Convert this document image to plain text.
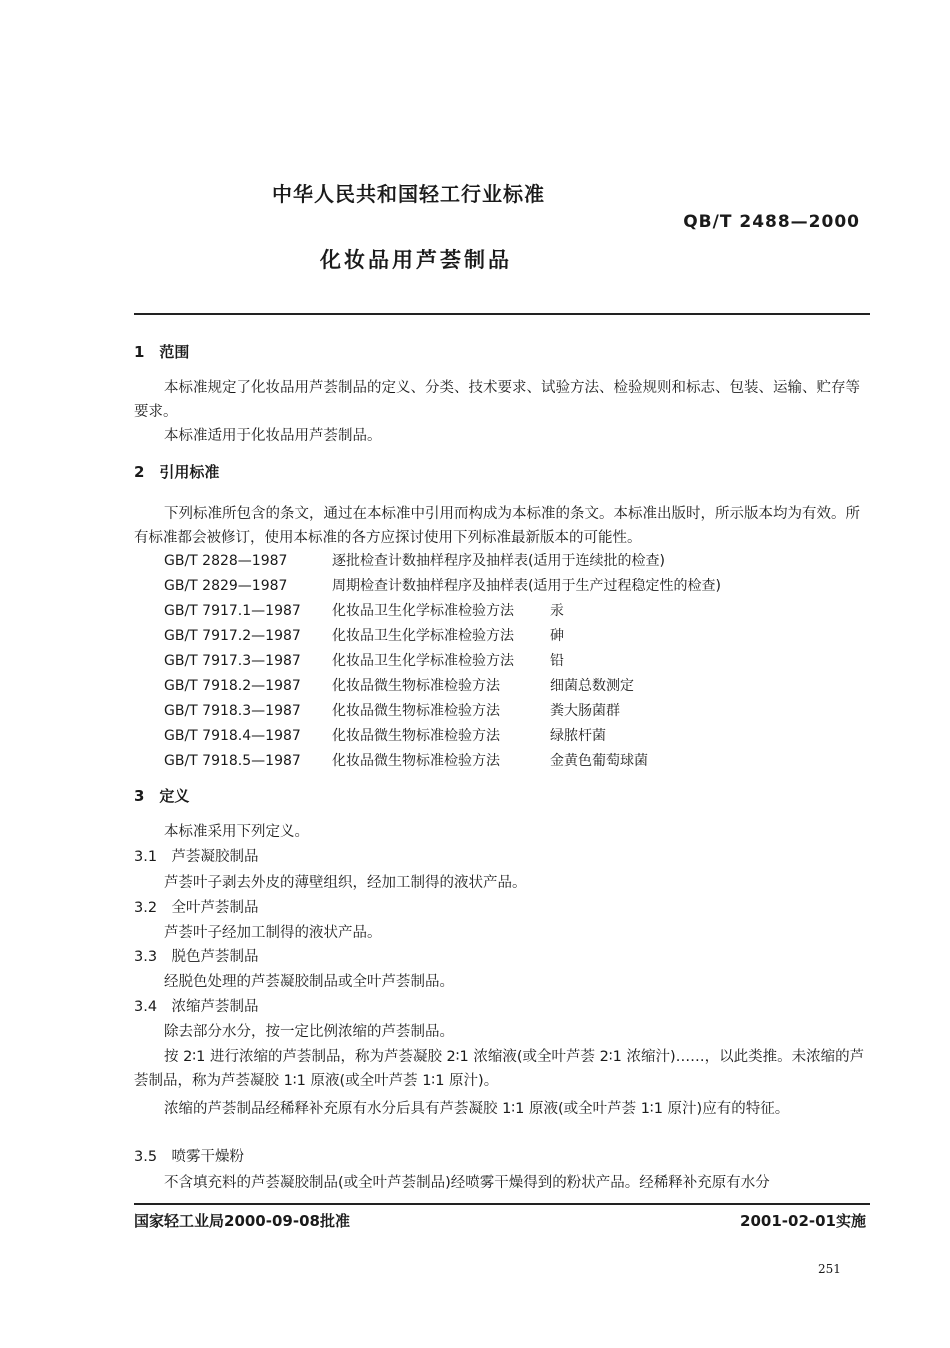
中华人民共和国轻工行业标准
QB/T 2488—2000
化妆品用芦荟制品
1　范围
本标准规定了化妆品用芦荟制品的定义、分类、技术要求、试验方法、检验规则和标志、包装、运输、贮存等要求。
本标准适用于化妆品用芦荟制品。
2　引用标准
下列标准所包含的条文，通过在本标准中引用而构成为本标准的条文。本标准出版时，所示版本均为有效。所有标准都会被修订，使用本标准的各方应探讨使用下列标准最新版本的可能性。
GB/T 2828—1987	逐批检查计数抽样程序及抽样表(适用于连续批的检查)
GB/T 2829—1987	周期检查计数抽样程序及抽样表(适用于生产过程稳定性的检查)
GB/T 7917.1—1987 化妆品卫生化学标准检验方法	汞
GB/T 7917.2—1987 化妆品卫生化学标准检验方法	砷
GB/T 7917.3—1987 化妆品卫生化学标准检验方法	铅
GB/T 7918.2—1987 化妆品微生物标准检验方法	细菌总数测定
GB/T 7918.3—1987 化妆品微生物标准检验方法	粪大肠菌群
GB/T 7918.4—1987 化妆品微生物标准检验方法	绿脓杆菌
GB/T 7918.5—1987 化妆品微生物标准检验方法	金黄色葡萄球菌
3　定义
本标准采用下列定义。
3.1　芦荟凝胶制品
芦荟叶子剥去外皮的薄壁组织，经加工制得的液状产品。
3.2　全叶芦荟制品
芦荟叶子经加工制得的液状产品。
3.3　脱色芦荟制品
经脱色处理的芦荟凝胶制品或全叶芦荟制品。
3.4　浓缩芦荟制品
除去部分水分，按一定比例浓缩的芦荟制品。
按 2∶1 进行浓缩的芦荟制品，称为芦荟凝胶 2∶1 浓缩液(或全叶芦荟 2∶1 浓缩汁)……，以此类推。未浓缩的芦荟制品，称为芦荟凝胶 1∶1 原液(或全叶芦荟 1∶1 原汁)。
浓缩的芦荟制品经稀释补充原有水分后具有芦荟凝胶 1∶1 原液(或全叶芦荟 1∶1 原汁)应有的特征。
3.5　喷雾干燥粉
不含填充料的芦荟凝胶制品(或全叶芦荟制品)经喷雾干燥得到的粉状产品。经稀释补充原有水分
国家轻工业局2000-09-08批准	2001-02-01实施
251
